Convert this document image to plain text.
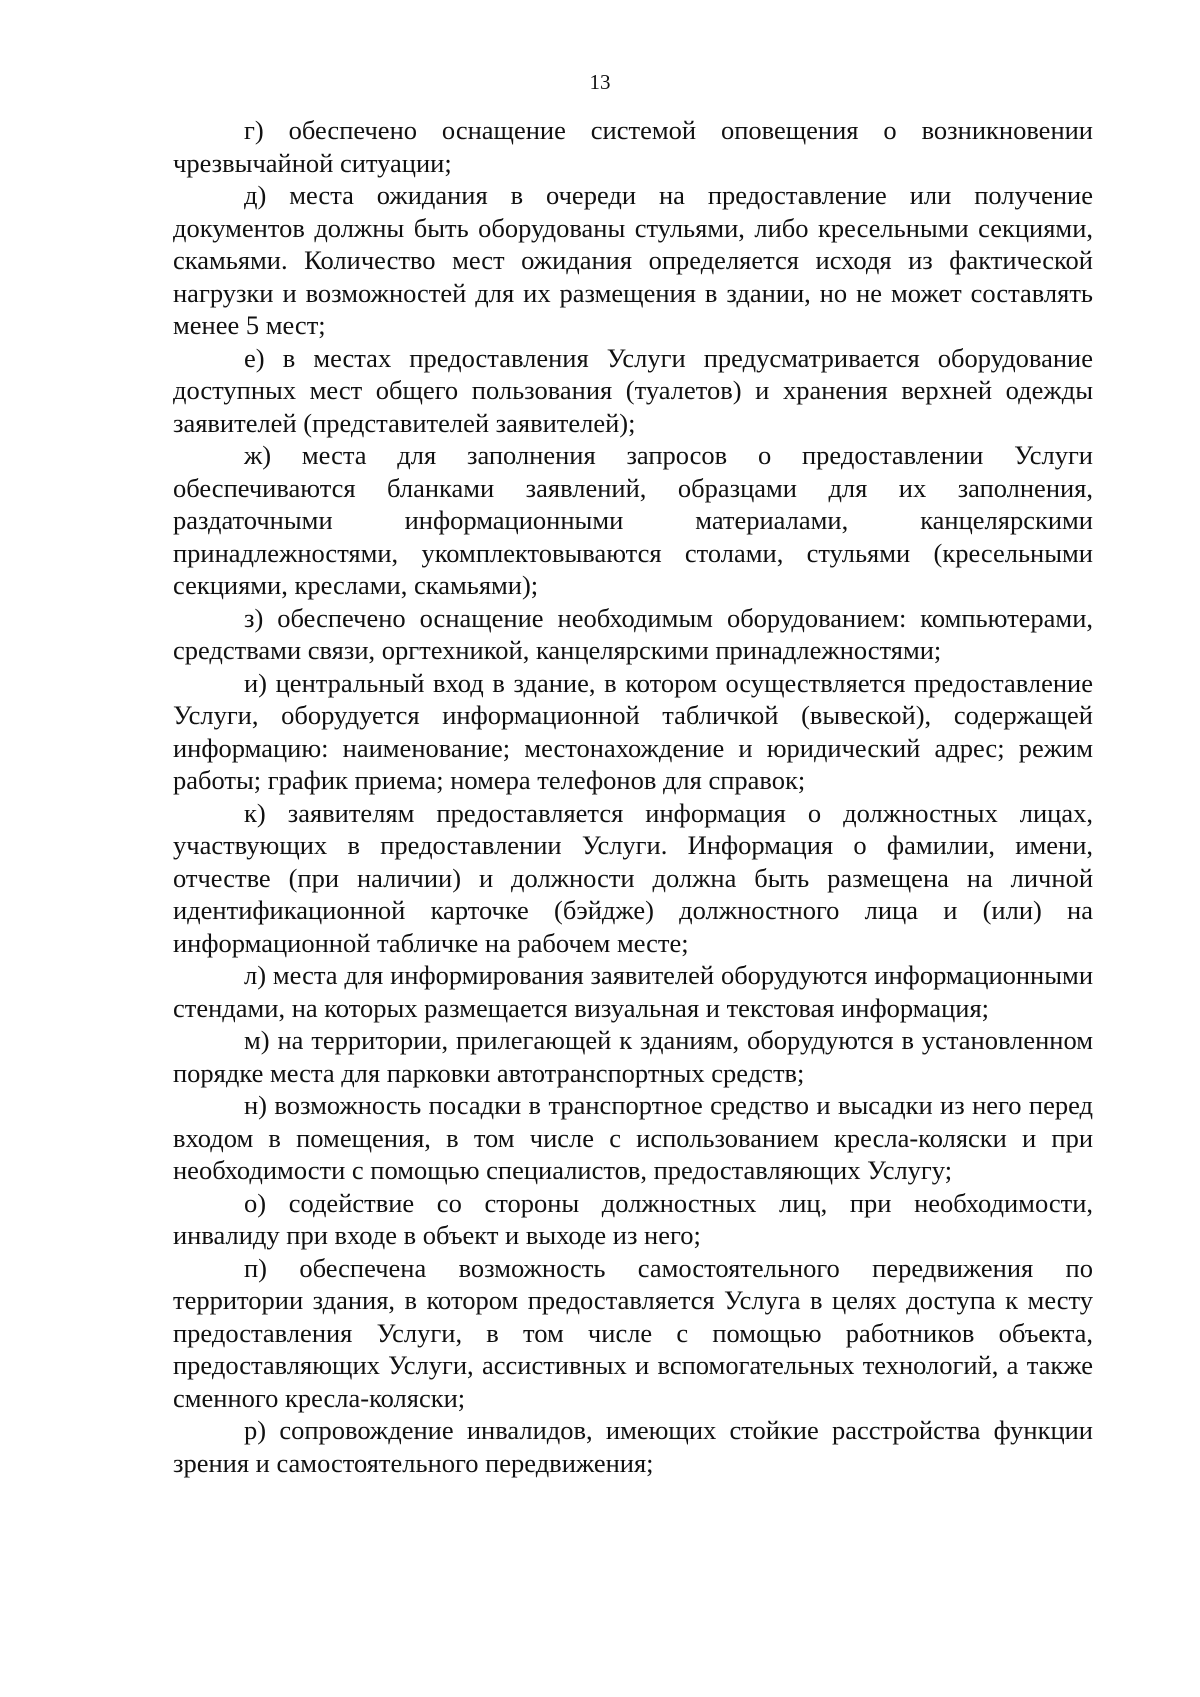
13

г) обеспечено оснащение системой оповещения о возникновении чрезвычайной ситуации;

д) места ожидания в очереди на предоставление или получение документов должны быть оборудованы стульями, либо кресельными секциями, скамьями. Количество мест ожидания определяется исходя из фактической нагрузки и возможностей для их размещения в здании, но не может составлять менее 5 мест;

е) в местах предоставления Услуги предусматривается оборудование доступных мест общего пользования (туалетов) и хранения верхней одежды заявителей (представителей заявителей);

ж) места для заполнения запросов о предоставлении Услуги обеспечиваются бланками заявлений, образцами для их заполнения, раздаточными информационными материалами, канцелярскими принадлежностями, укомплектовываются столами, стульями (кресельными секциями, креслами, скамьями);

з) обеспечено оснащение необходимым оборудованием: компьютерами, средствами связи, оргтехникой, канцелярскими принадлежностями;

и) центральный вход в здание, в котором осуществляется предоставление Услуги, оборудуется информационной табличкой (вывеской), содержащей информацию: наименование; местонахождение и юридический адрес; режим работы; график приема; номера телефонов для справок;

к) заявителям предоставляется информация о должностных лицах, участвующих в предоставлении Услуги. Информация о фамилии, имени, отчестве (при наличии) и должности должна быть размещена на личной идентификационной карточке (бэйдже) должностного лица и (или) на информационной табличке на рабочем месте;

л) места для информирования заявителей оборудуются информационными стендами, на которых размещается визуальная и текстовая информация;

м) на территории, прилегающей к зданиям, оборудуются в установленном порядке места для парковки автотранспортных средств;

н) возможность посадки в транспортное средство и высадки из него перед входом в помещения, в том числе с использованием кресла-коляски и при необходимости с помощью специалистов, предоставляющих Услугу;

о) содействие со стороны должностных лиц, при необходимости, инвалиду при входе в объект и выходе из него;

п) обеспечена возможность самостоятельного передвижения по территории здания, в котором предоставляется Услуга в целях доступа к месту предоставления Услуги, в том числе с помощью работников объекта, предоставляющих Услуги, ассистивных и вспомогательных технологий, а также сменного кресла-коляски;

р) сопровождение инвалидов, имеющих стойкие расстройства функции зрения и самостоятельного передвижения;
